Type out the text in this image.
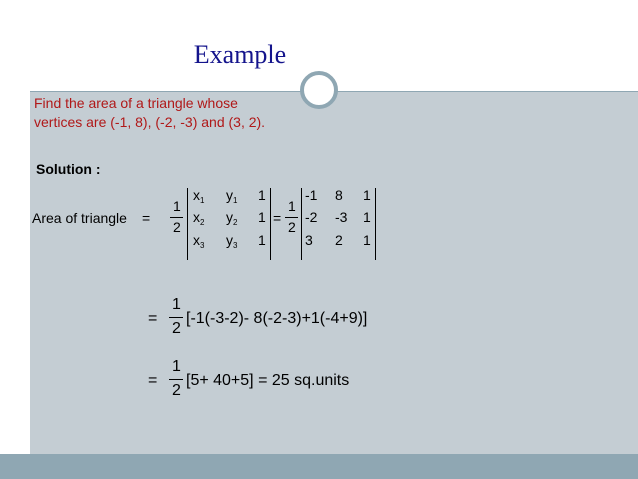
Example
Find the area of a triangle whose
vertices are (-1, 8), (-2, -3) and (3, 2).
Solution :
Area of triangle =
1
2
$x_1$ $y_1$ 1
$x_2$ $y_2$ 1
$x_3$ $y_3$ 1
=
1
2
-1 8 1
-2 -3 1
3 2 1
=
1
2
[-1(-3-2)- 8(-2-3)+1(-4+9)]
=
1
2
[5+ 40+5] = 25 sq.units
